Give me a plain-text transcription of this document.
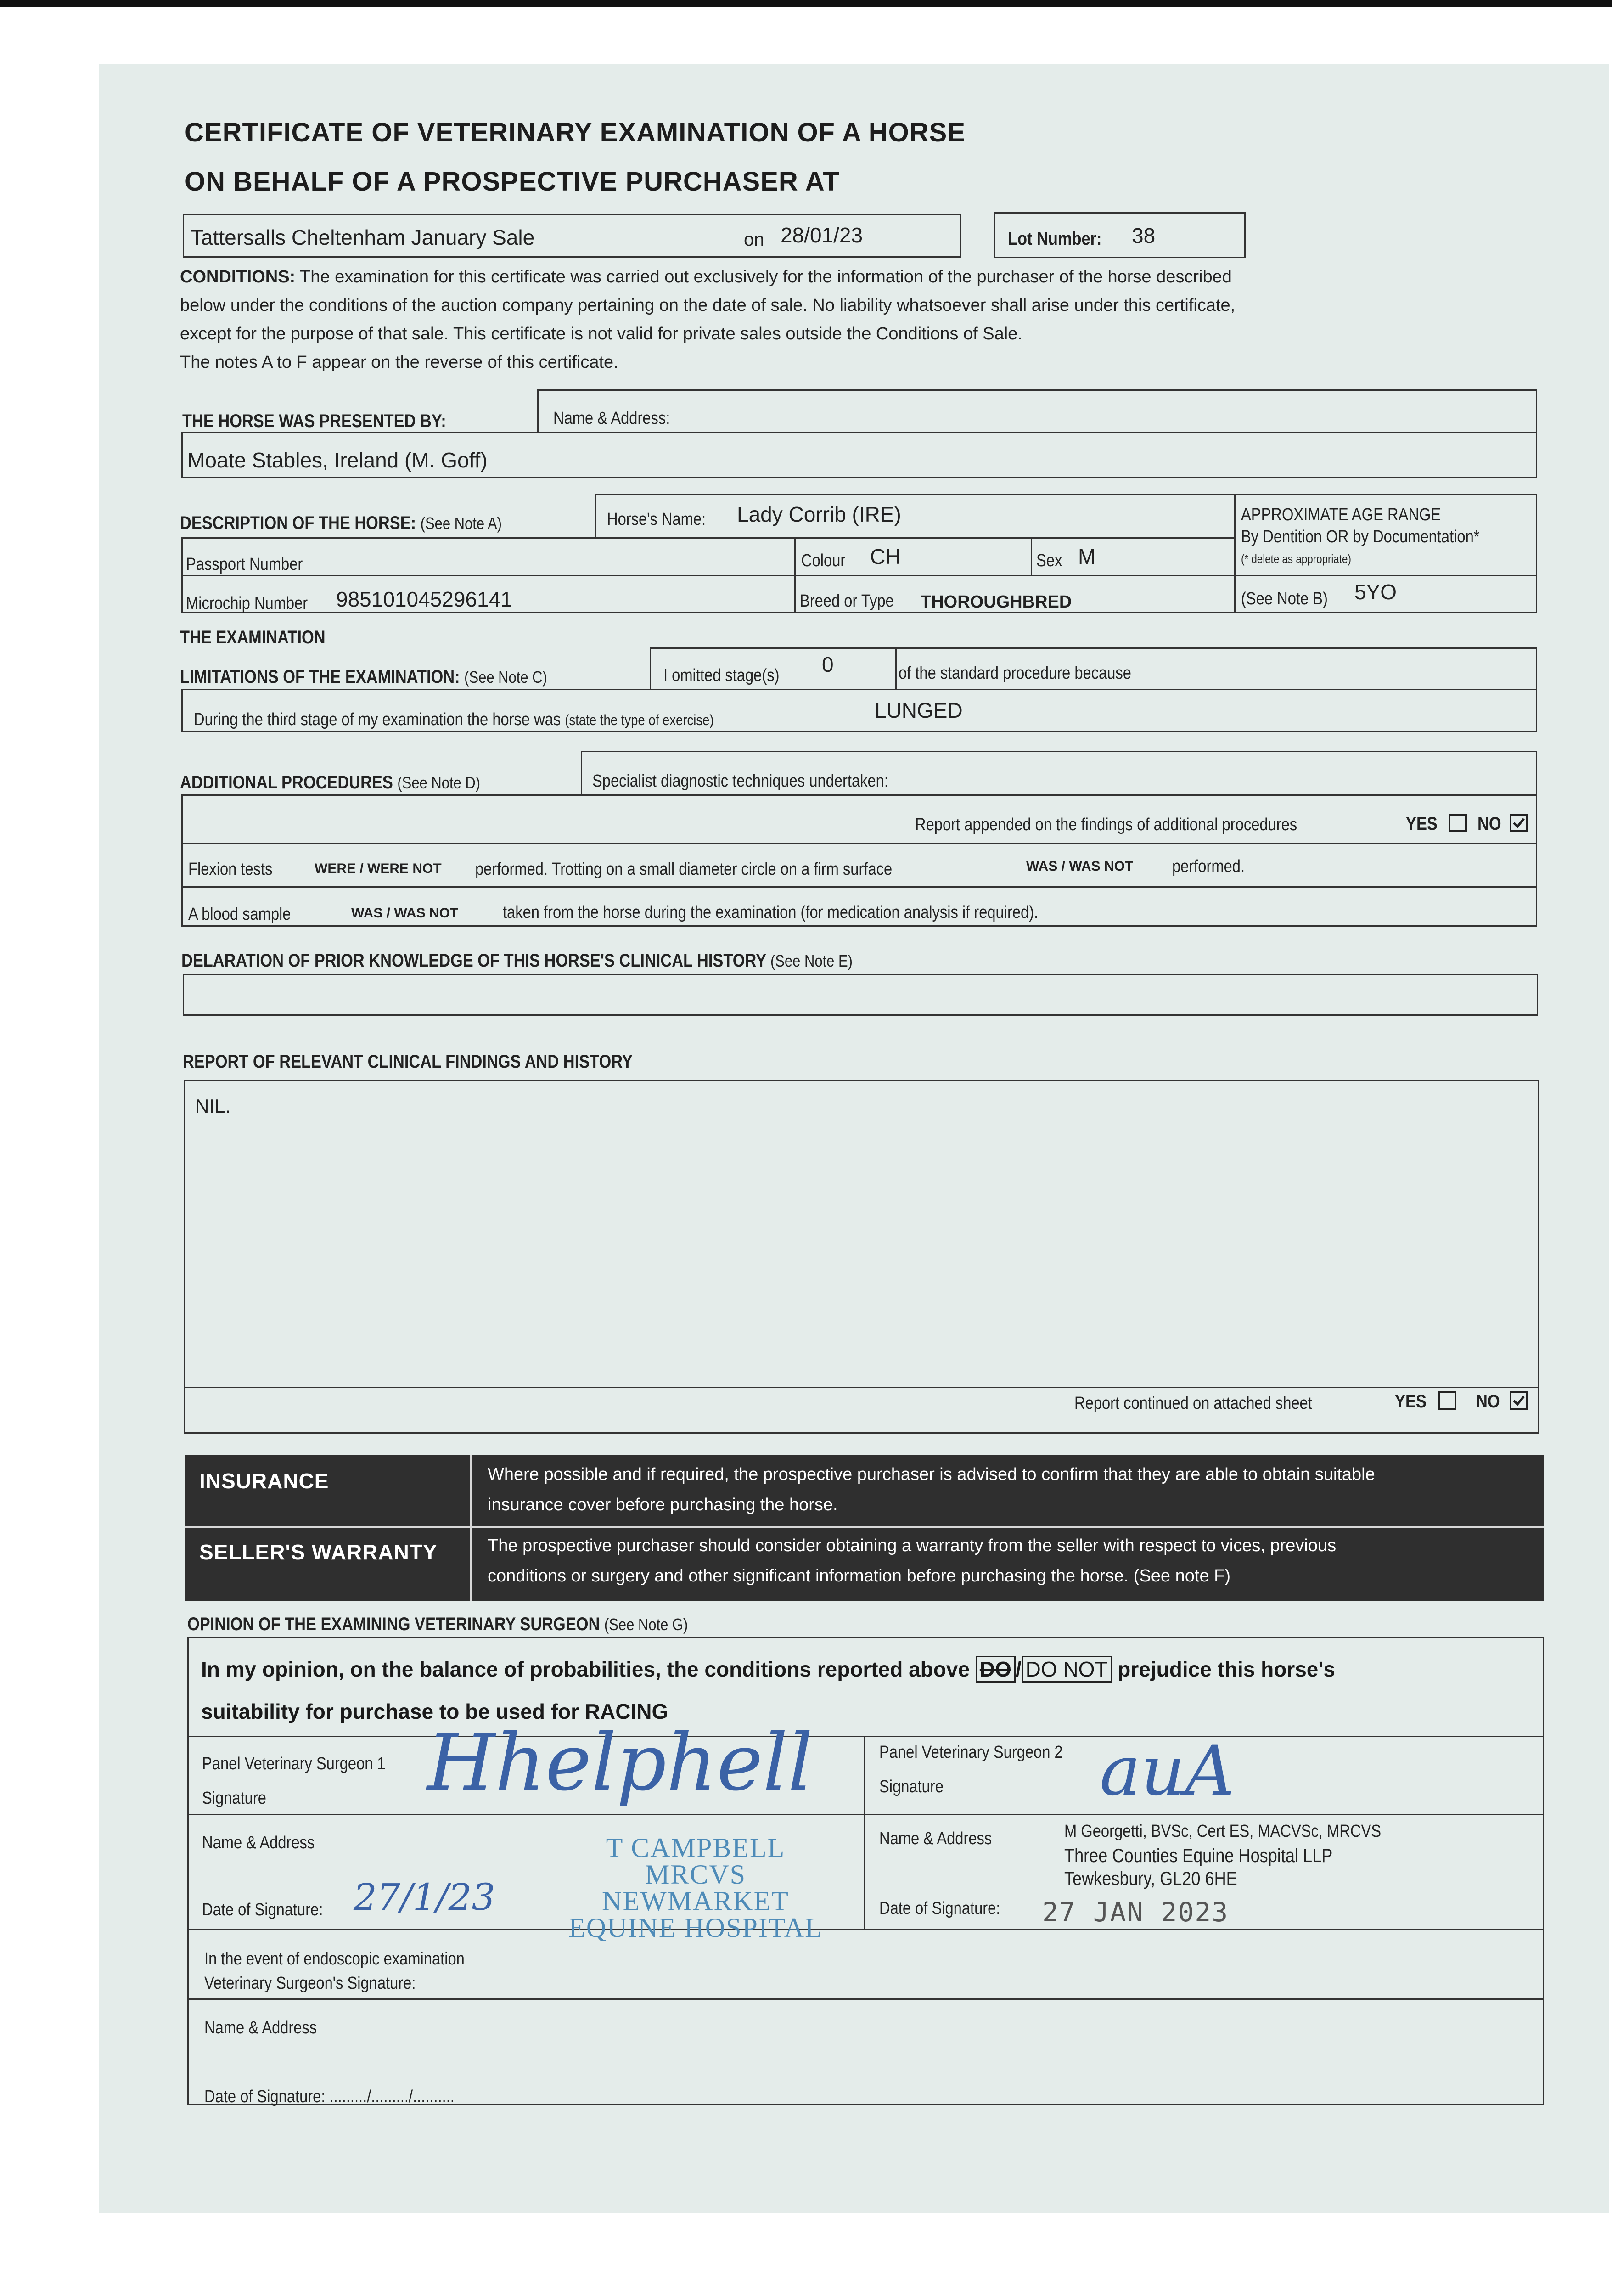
CERTIFICATE OF VETERINARY EXAMINATION OF A HORSE
ON BEHALF OF A PROSPECTIVE PURCHASER AT
Tattersalls Cheltenham January Sale	on 28/01/23	Lot Number: 38
CONDITIONS: The examination for this certificate was carried out exclusively for the information of the purchaser of the horse described
below under the conditions of the auction company pertaining on the date of sale. No liability whatsoever shall arise under this certificate,
except for the purpose of that sale. This certificate is not valid for private sales outside the Conditions of Sale.
The notes A to F appear on the reverse of this certificate.
THE HORSE WAS PRESENTED BY:	Name & Address:
Moate Stables, Ireland (M. Goff)
DESCRIPTION OF THE HORSE: (See Note A)	Horse's Name: Lady Corrib (IRE)
Passport Number	Colour CH	Sex M
Microchip Number 985101045296141	Breed or Type THOROUGHBRED
APPROXIMATE AGE RANGE
By Dentition OR by Documentation*
(* delete as appropriate)
(See Note B) 5YO
THE EXAMINATION
LIMITATIONS OF THE EXAMINATION: (See Note C)	I omitted stage(s) 0	of the standard procedure because
During the third stage of my examination the horse was (state the type of exercise)	LUNGED
ADDITIONAL PROCEDURES (See Note D)	Specialist diagnostic techniques undertaken:
Report appended on the findings of additional procedures	YES NO
Flexion tests	WERE / WERE NOT performed. Trotting on a small diameter circle on a firm surface	WAS / WAS NOT performed.
A blood sample	WAS / WAS NOT	taken from the horse during the examination (for medication analysis if required).
DELARATION OF PRIOR KNOWLEDGE OF THIS HORSE'S CLINICAL HISTORY (See Note E)
REPORT OF RELEVANT CLINICAL FINDINGS AND HISTORY
NIL.
Report continued on attached sheet	YES	NO
INSURANCE	Where possible and if required, the prospective purchaser is advised to confirm that they are able to obtain suitable
insurance cover before purchasing the horse.
SELLER'S WARRANTY	The prospective purchaser should consider obtaining a warranty from the seller with respect to vices, previous
conditions or surgery and other significant information before purchasing the horse. (See note F)
OPINION OF THE EXAMINING VETERINARY SURGEON (See Note G)
In my opinion, on the balance of probabilities, the conditions reported above DO / DO NOT prejudice this horse's
suitability for purchase to be used for RACING
Panel Veterinary Surgeon 1
Signature Hhelphell
Name & Address	T CAMPBELL MRCVS
NEWMARKET
EQUINE HOSPITAL
Date of Signature: 27/1/23
Panel Veterinary Surgeon 2
Signature auA
Name & Address	M Georgetti, BVSc, Cert ES, MACVSc, MRCVS
Three Counties Equine Hospital LLP
Tewkesbury, GL20 6HE
Date of Signature: 27 JAN 2023
In the event of endoscopic examination
Veterinary Surgeon's Signature:
Name & Address
Date of Signature: ........./........./..........
